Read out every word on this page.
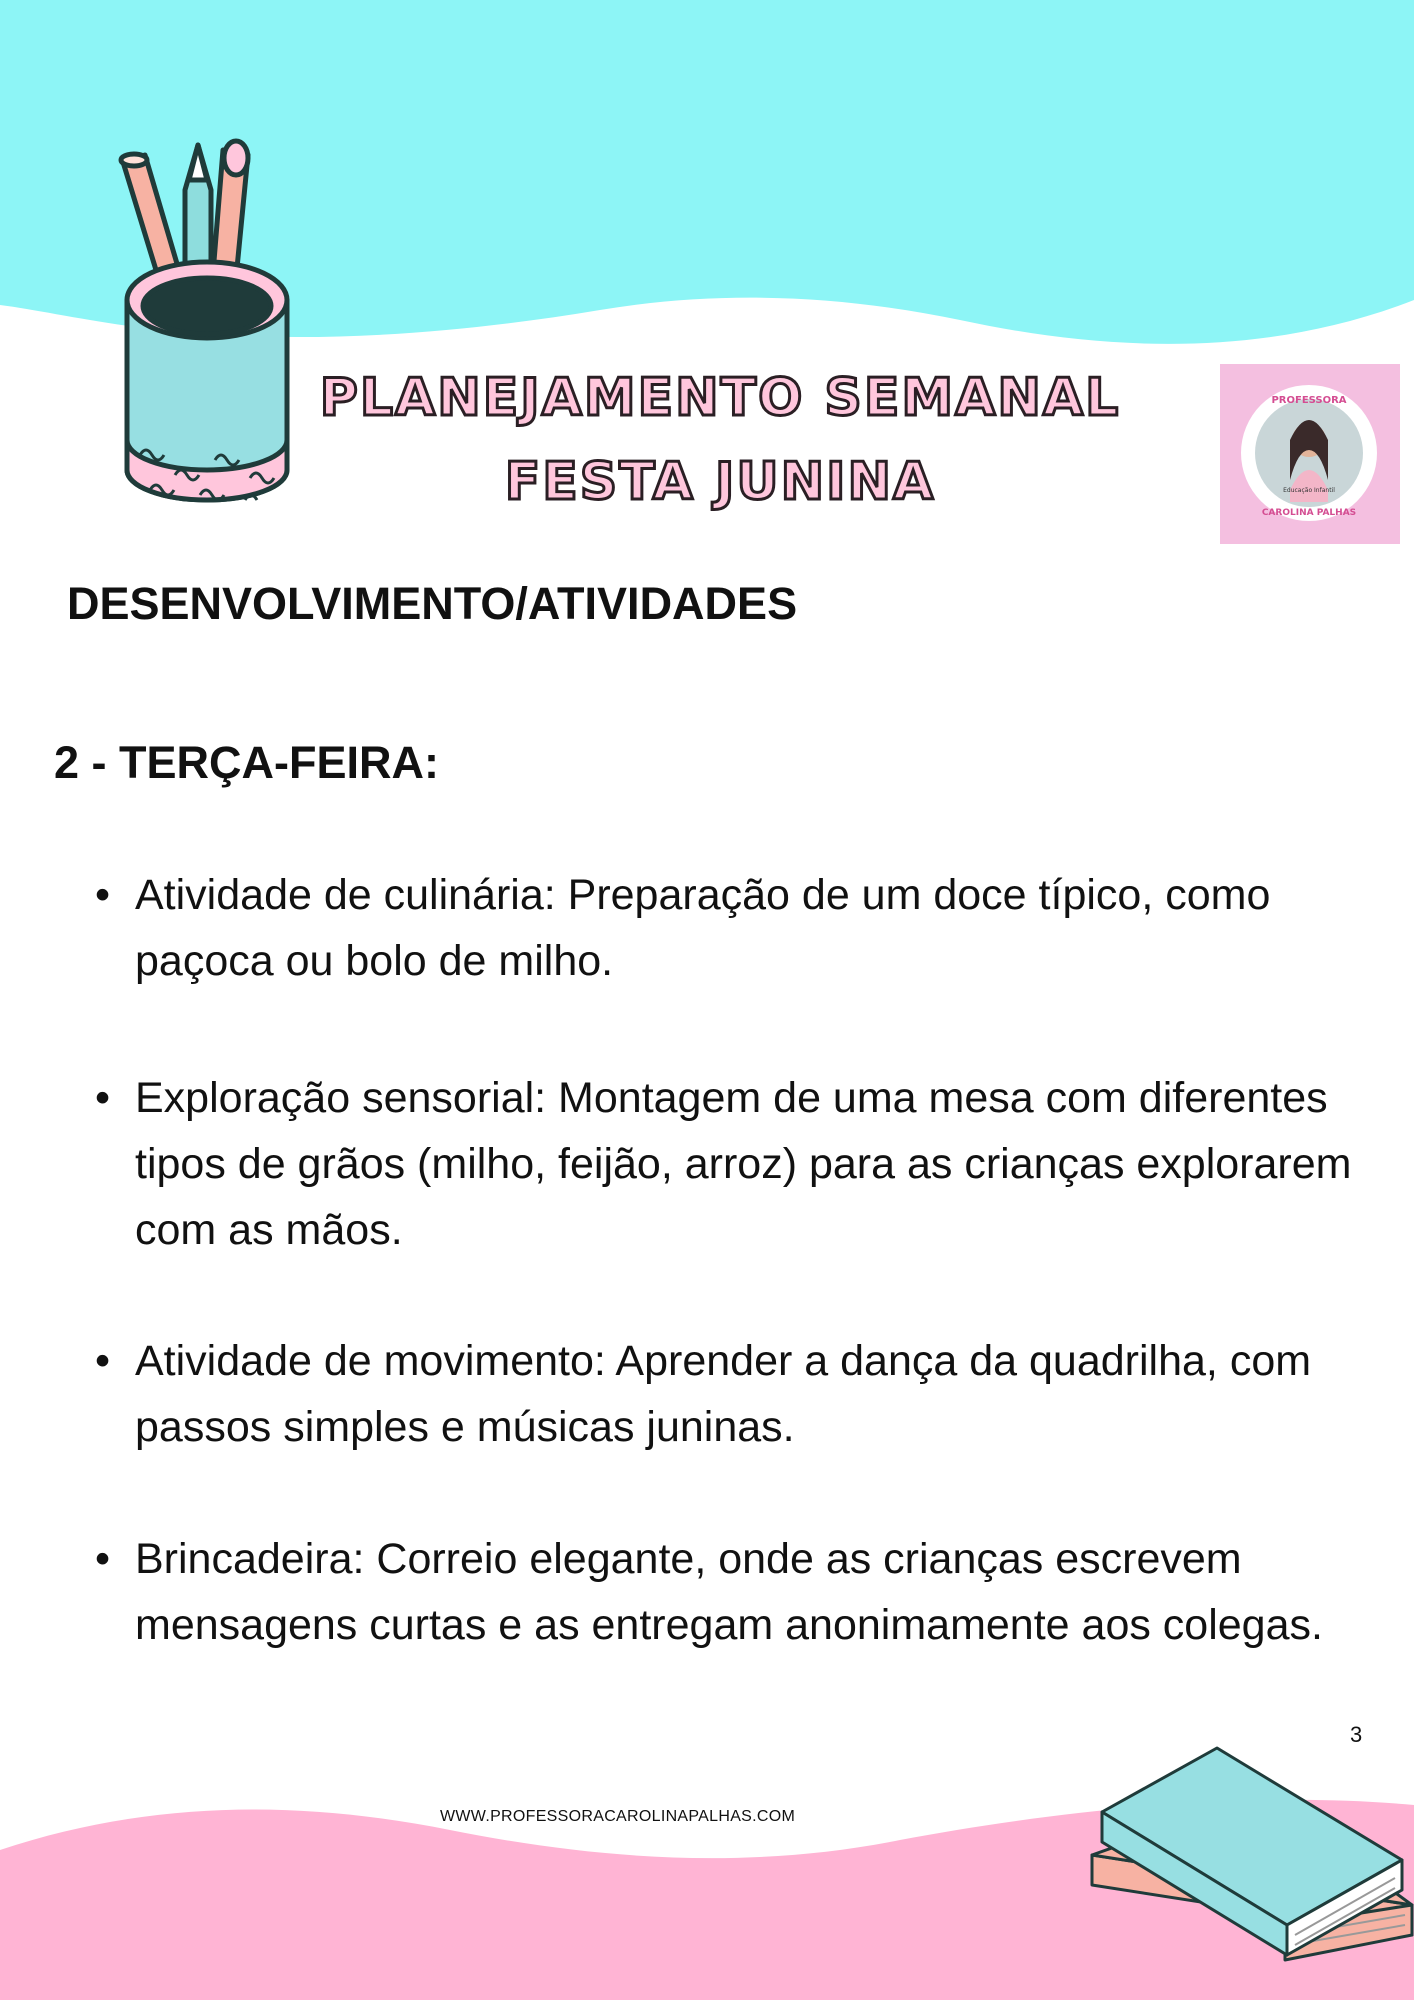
PLANEJAMENTO SEMANAL
FESTA JUNINA
PROFESSORA
CAROLINA PALHAS
Educação Infantil
DESENVOLVIMENTO/ATIVIDADES
2 - TERÇA-FEIRA:
• Atividade de culinária: Preparação de um doce típico, como paçoca ou bolo de milho.
• Exploração sensorial: Montagem de uma mesa com diferentes tipos de grãos (milho, feijão, arroz) para as crianças explorarem com as mãos.
• Atividade de movimento: Aprender a dança da quadrilha, com passos simples e músicas juninas.
• Brincadeira: Correio elegante, onde as crianças escrevem mensagens curtas e as entregam anonimamente aos colegas.
3
WWW.PROFESSORACAROLINAPALHAS.COM
